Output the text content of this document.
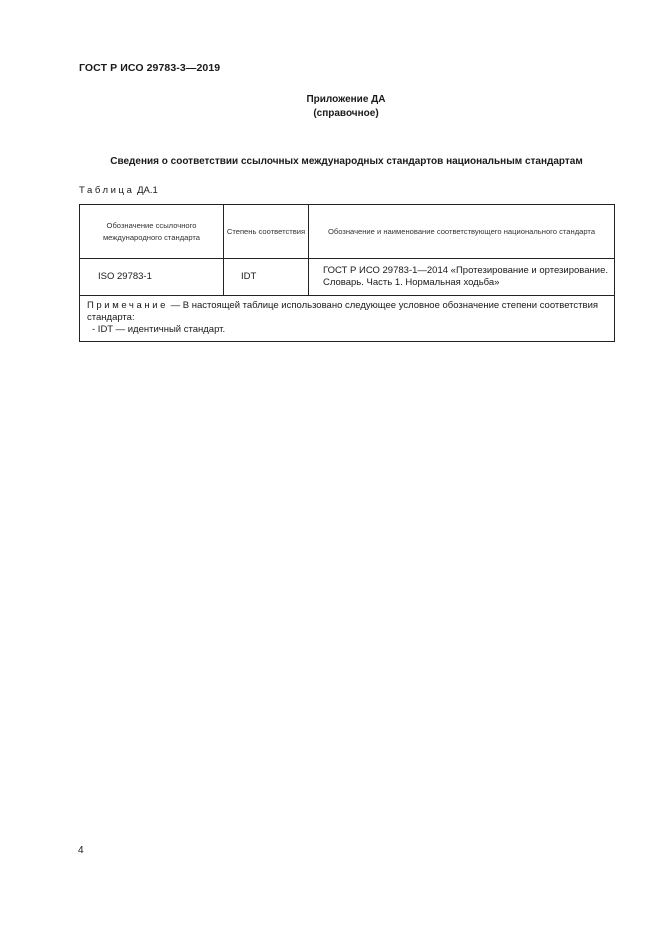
ГОСТ Р ИСО 29783-3—2019
Приложение ДА
(справочное)
Сведения о соответствии ссылочных международных стандартов национальным стандартам
Таблица ДА.1
Обозначение ссылочного международного стандарта	Степень соответствия	Обозначение и наименование соответствующего национального стандарта
ISO 29783-1	IDT	ГОСТ Р ИСО 29783-1—2014 «Протезирование и ортезирование. Словарь. Часть 1. Нормальная ходьба»

Примечание — В настоящей таблице использовано следующее условное обозначение степени соответствия стандарта:
- IDT — идентичный стандарт.		
4
